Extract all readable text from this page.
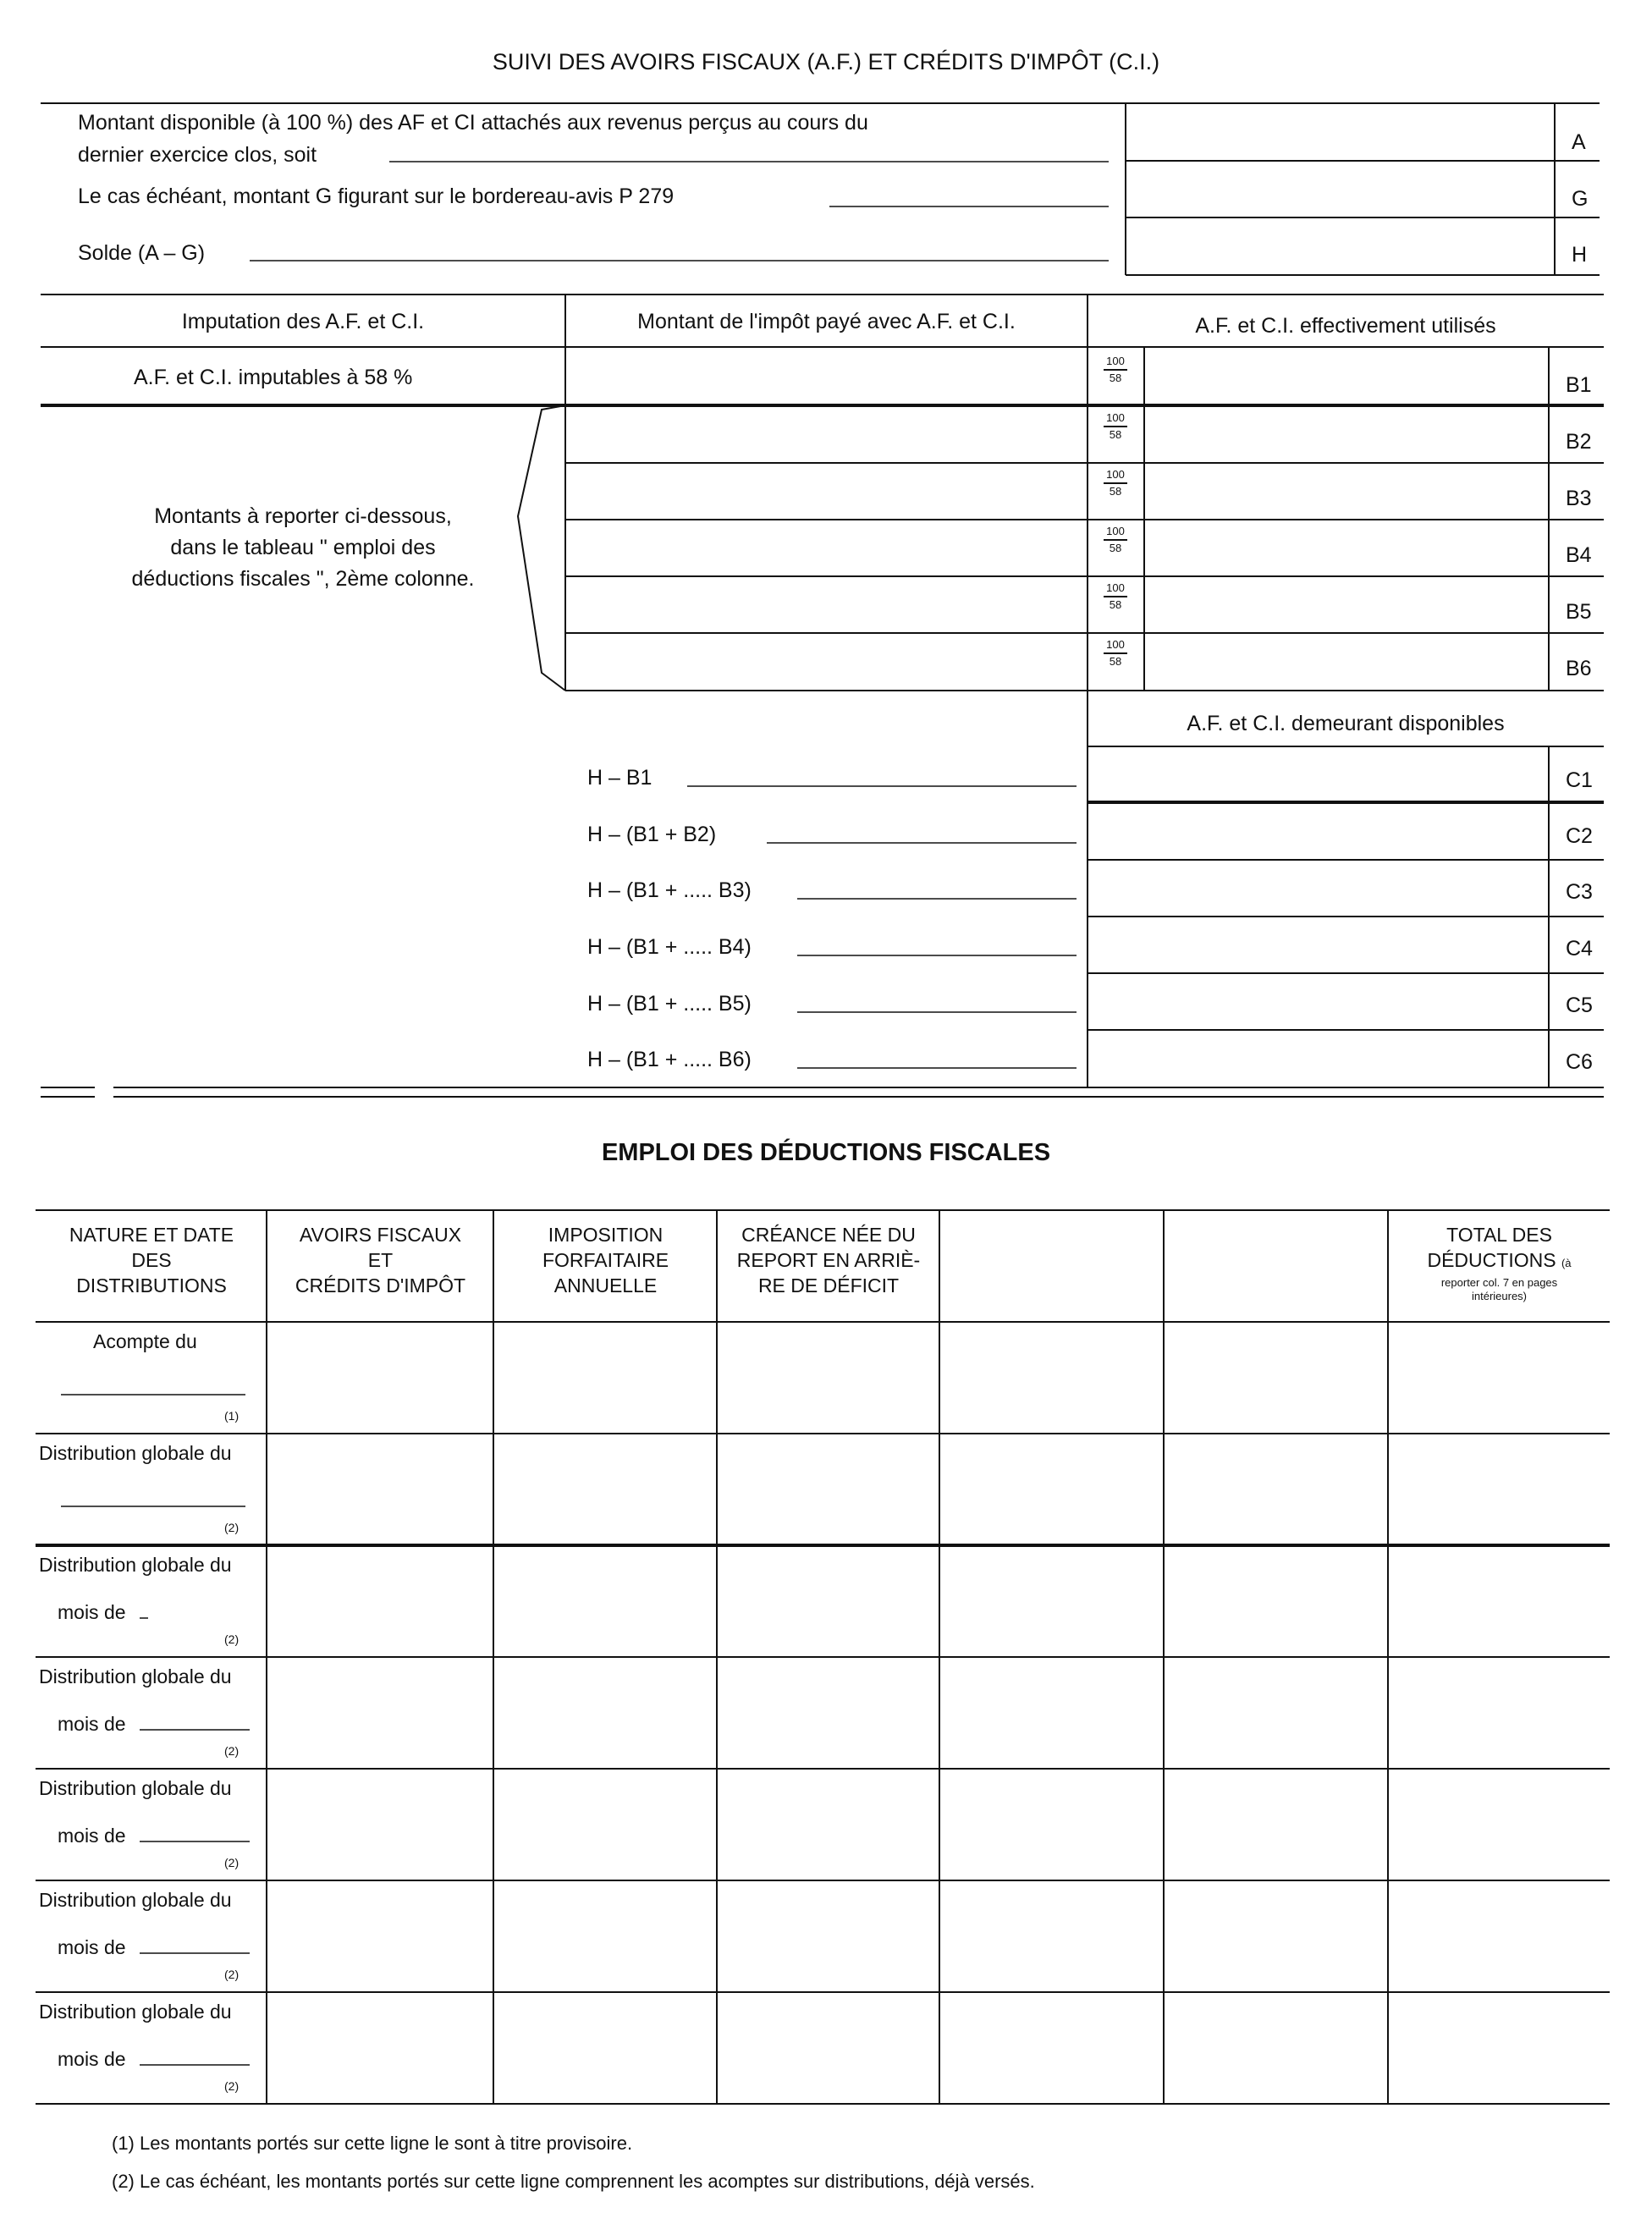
SUIVI DES AVOIRS FISCAUX (A.F.) ET CRÉDITS D'IMPÔT (C.I.)
Montant disponible (à 100 %) des AF et CI attachés aux revenus perçus au cours du
dernier exercice clos, soit
Le cas échéant, montant G figurant sur le bordereau-avis P 279
Solde (A – G)
A
G
H
Imputation des A.F. et C.I.	Montant de l'impôt payé avec A.F. et C.I.	A.F. et C.I. effectivement utilisés
A.F. et C.I. imputables à 58 %
Montants à reporter ci-dessous,
dans le tableau " emploi des
déductions fiscales ", 2ème colonne.
100
58
100
58
100
58
100
58
100
58
100
58
B1
B2
B3
B4
B5
B6
A.F. et C.I. demeurant disponibles
H – B1
H – (B1 + B2)
H – (B1 + ..... B3)
H – (B1 + ..... B4)
H – (B1 + ..... B5)
H – (B1 + ..... B6)
C1
C2
C3
C4
C5
C6
EMPLOI DES DÉDUCTIONS FISCALES
NATURE ET DATE
DES
DISTRIBUTIONS
AVOIRS FISCAUX
ET
CRÉDITS D'IMPÔT
IMPOSITION
FORFAITAIRE
ANNUELLE
CRÉANCE NÉE DU
REPORT EN ARRIÈ-
RE DE DÉFICIT
TOTAL DES
DÉDUCTIONS (à
reporter col. 7 en pages
intérieures)
Acompte du
(1)
Distribution globale du
(2)
Distribution globale du
mois de
(2)
Distribution globale du
mois de
(2)
Distribution globale du
mois de
(2)
Distribution globale du
mois de
(2)
Distribution globale du
mois de
(2)
(1) Les montants portés sur cette ligne le sont à titre provisoire.
(2) Le cas échéant, les montants portés sur cette ligne comprennent les acomptes sur distributions, déjà versés.
